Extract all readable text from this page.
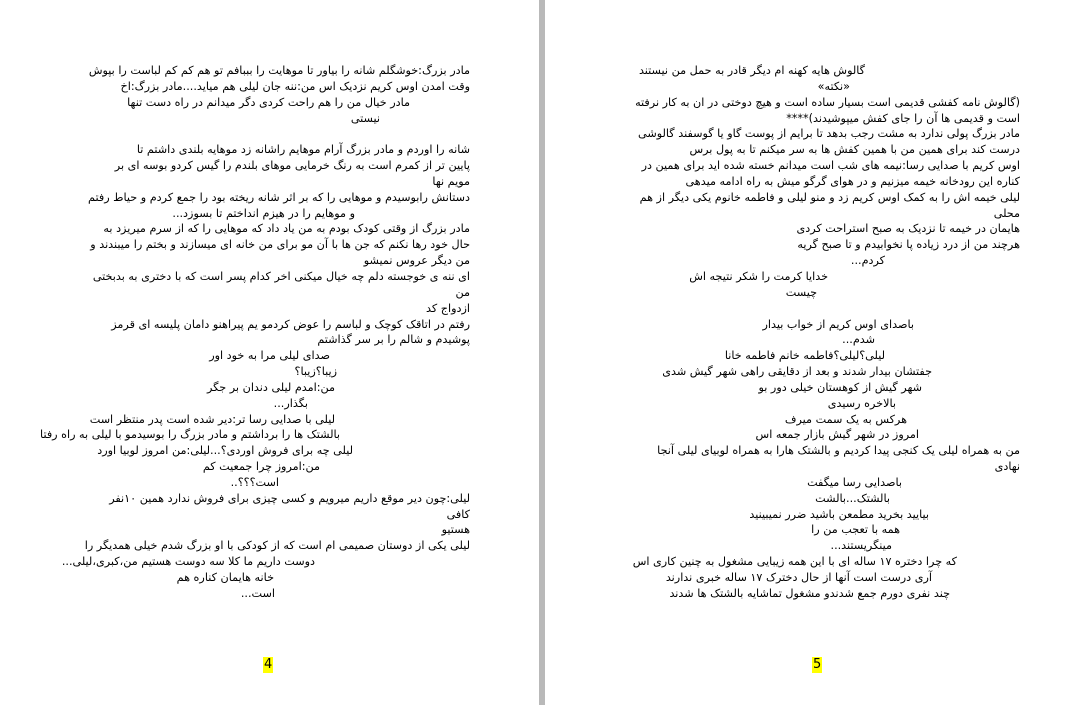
مادر بزرگ:خوشگلم شانه را بیاور تا موهایت را بببافم تو هم کم کم لباست را بپوش
وقت امدن اوس کریم نزدیک اس من:ننه جان لیلی هم میاید....مادر بزرگ:اخ
مادر خیال من را هم راحت کردی دگر میدانم در راه دست تنها
نیستی

شانه را اوردم و مادر بزرگ آرام موهایم راشانه زد موهایه بلندی داشتم تا
پایین تر از کمرم است به رنگ خرمایی موهای بلندم را گیس کردو بوسه ای بر
مویم نها
دستانش رابوسیدم و موهایی را که بر اثر شانه ریخته بود را جمع کردم و حیاط رفتم
و موهایم را در هیزم انداختم تا بسوزد...
مادر بزرگ از وقتی کودک بودم به من یاد داد که موهایی را که از سرم میریزد به
حال خود رها نکنم که جن ها با آن مو برای من خانه ای میسازند و بختم را میبندند و
من دیگر عروس نمیشو
ای ننه ی خوجسته دلم چه خیال میکنی اخر کدام پسر است که با دختری به بدبختی
من
ازدواج کد
رفتم در اتاقک کوچک و لباسم را عوض کردمو یم پیراهنو دامان پلیسه ای قرمز
پوشیدم و شالم را بر سر گذاشتم
صدای لیلی مرا به خود اور
زیبا؟زیبا؟
من:امدم لیلی دندان بر جگر
بگذار...
لیلی با صدایی رسا تر:دیر شده است پدر منتظر است
بالشتک ها را برداشتم و مادر بزرگ را بوسیدمو با لیلی به راه رفتا
لیلی چه برای فروش اوردی؟...لیلی:من امروز لوبیا اورد
من:امروز چرا جمعیت کم
است؟؟؟..
لیلی:چون دیر موقع داریم میرویم و کسی چیزی برای فروش ندارد همین ۱۰نفر
کافی
هستیو
لیلی یکی از دوستان صمیمی ام است که از کودکی با او بزرگ شدم خیلی همدیگر را
دوست داریم ما کلا سه دوست هستیم من،کبری،لیلی...
خانه هایمان کناره هم
است...
4
گالوش هایه کهنه ام دیگر قادر به حمل من نیستند
«نکته»
(گالوش نامه کفشی قدیمی است بسیار ساده است و هیچ دوختی در ان به کار نرفته
است و قدیمی ها آن را جای کفش میپوشیدند)****
مادر بزرگ پولی ندارد به مشت رجب بدهد تا برایم از پوست گاو یا گوسفند گالوشی
درست کند برای همین من با همین کفش ها به سر میکنم تا به پول برس
اوس کریم با صدایی رسا:نیمه های شب است میدانم خسته شده اید برای همین در
کناره این رودخانه خیمه میزنیم و در هوای گرگو میش به راه ادامه میدهی
لیلی خیمه اش را به کمک اوس کریم زد و منو لیلی و فاطمه خانوم یکی دیگر از هم
محلی
هایمان در خیمه تا نزدیک به صبح استراحت کردی
هرچند من از درد زیاده پا نخوابیدم و تا صبح گریه
کردم...
خدایا کرمت را شکر نتیجه اش
چیست

باصدای اوس کریم از خواب بیدار
شدم...
لیلی؟لیلی؟فاطمه خانم فاطمه خانا
جفتشان بیدار شدند و بعد از دقایقی راهی شهر گیش شدی
شهر گیش از کوهستان خیلی دور بو
بالاخره رسیدی
هرکس به یک سمت میرف
امروز در شهر گیش بازار جمعه اس
من به همراه لیلی یک کنجی پیدا کردیم و بالشتک هارا به همراه لوبیای لیلی آنجا
نهادی
باصدایی رسا میگفت
بالشتک...بالشت
بیایید بخرید مطمعن باشید ضرر نمیبینید
همه با تعجب من را
مینگریستند...
که چرا دختره ۱۷ ساله ای با این همه زیبایی مشغول به چنین کاری اس
آری درست است آنها از حال دخترک ۱۷ ساله خبری ندارند
چند نفری دورم جمع شدندو مشغول تماشایه بالشتک ها شدند
5
